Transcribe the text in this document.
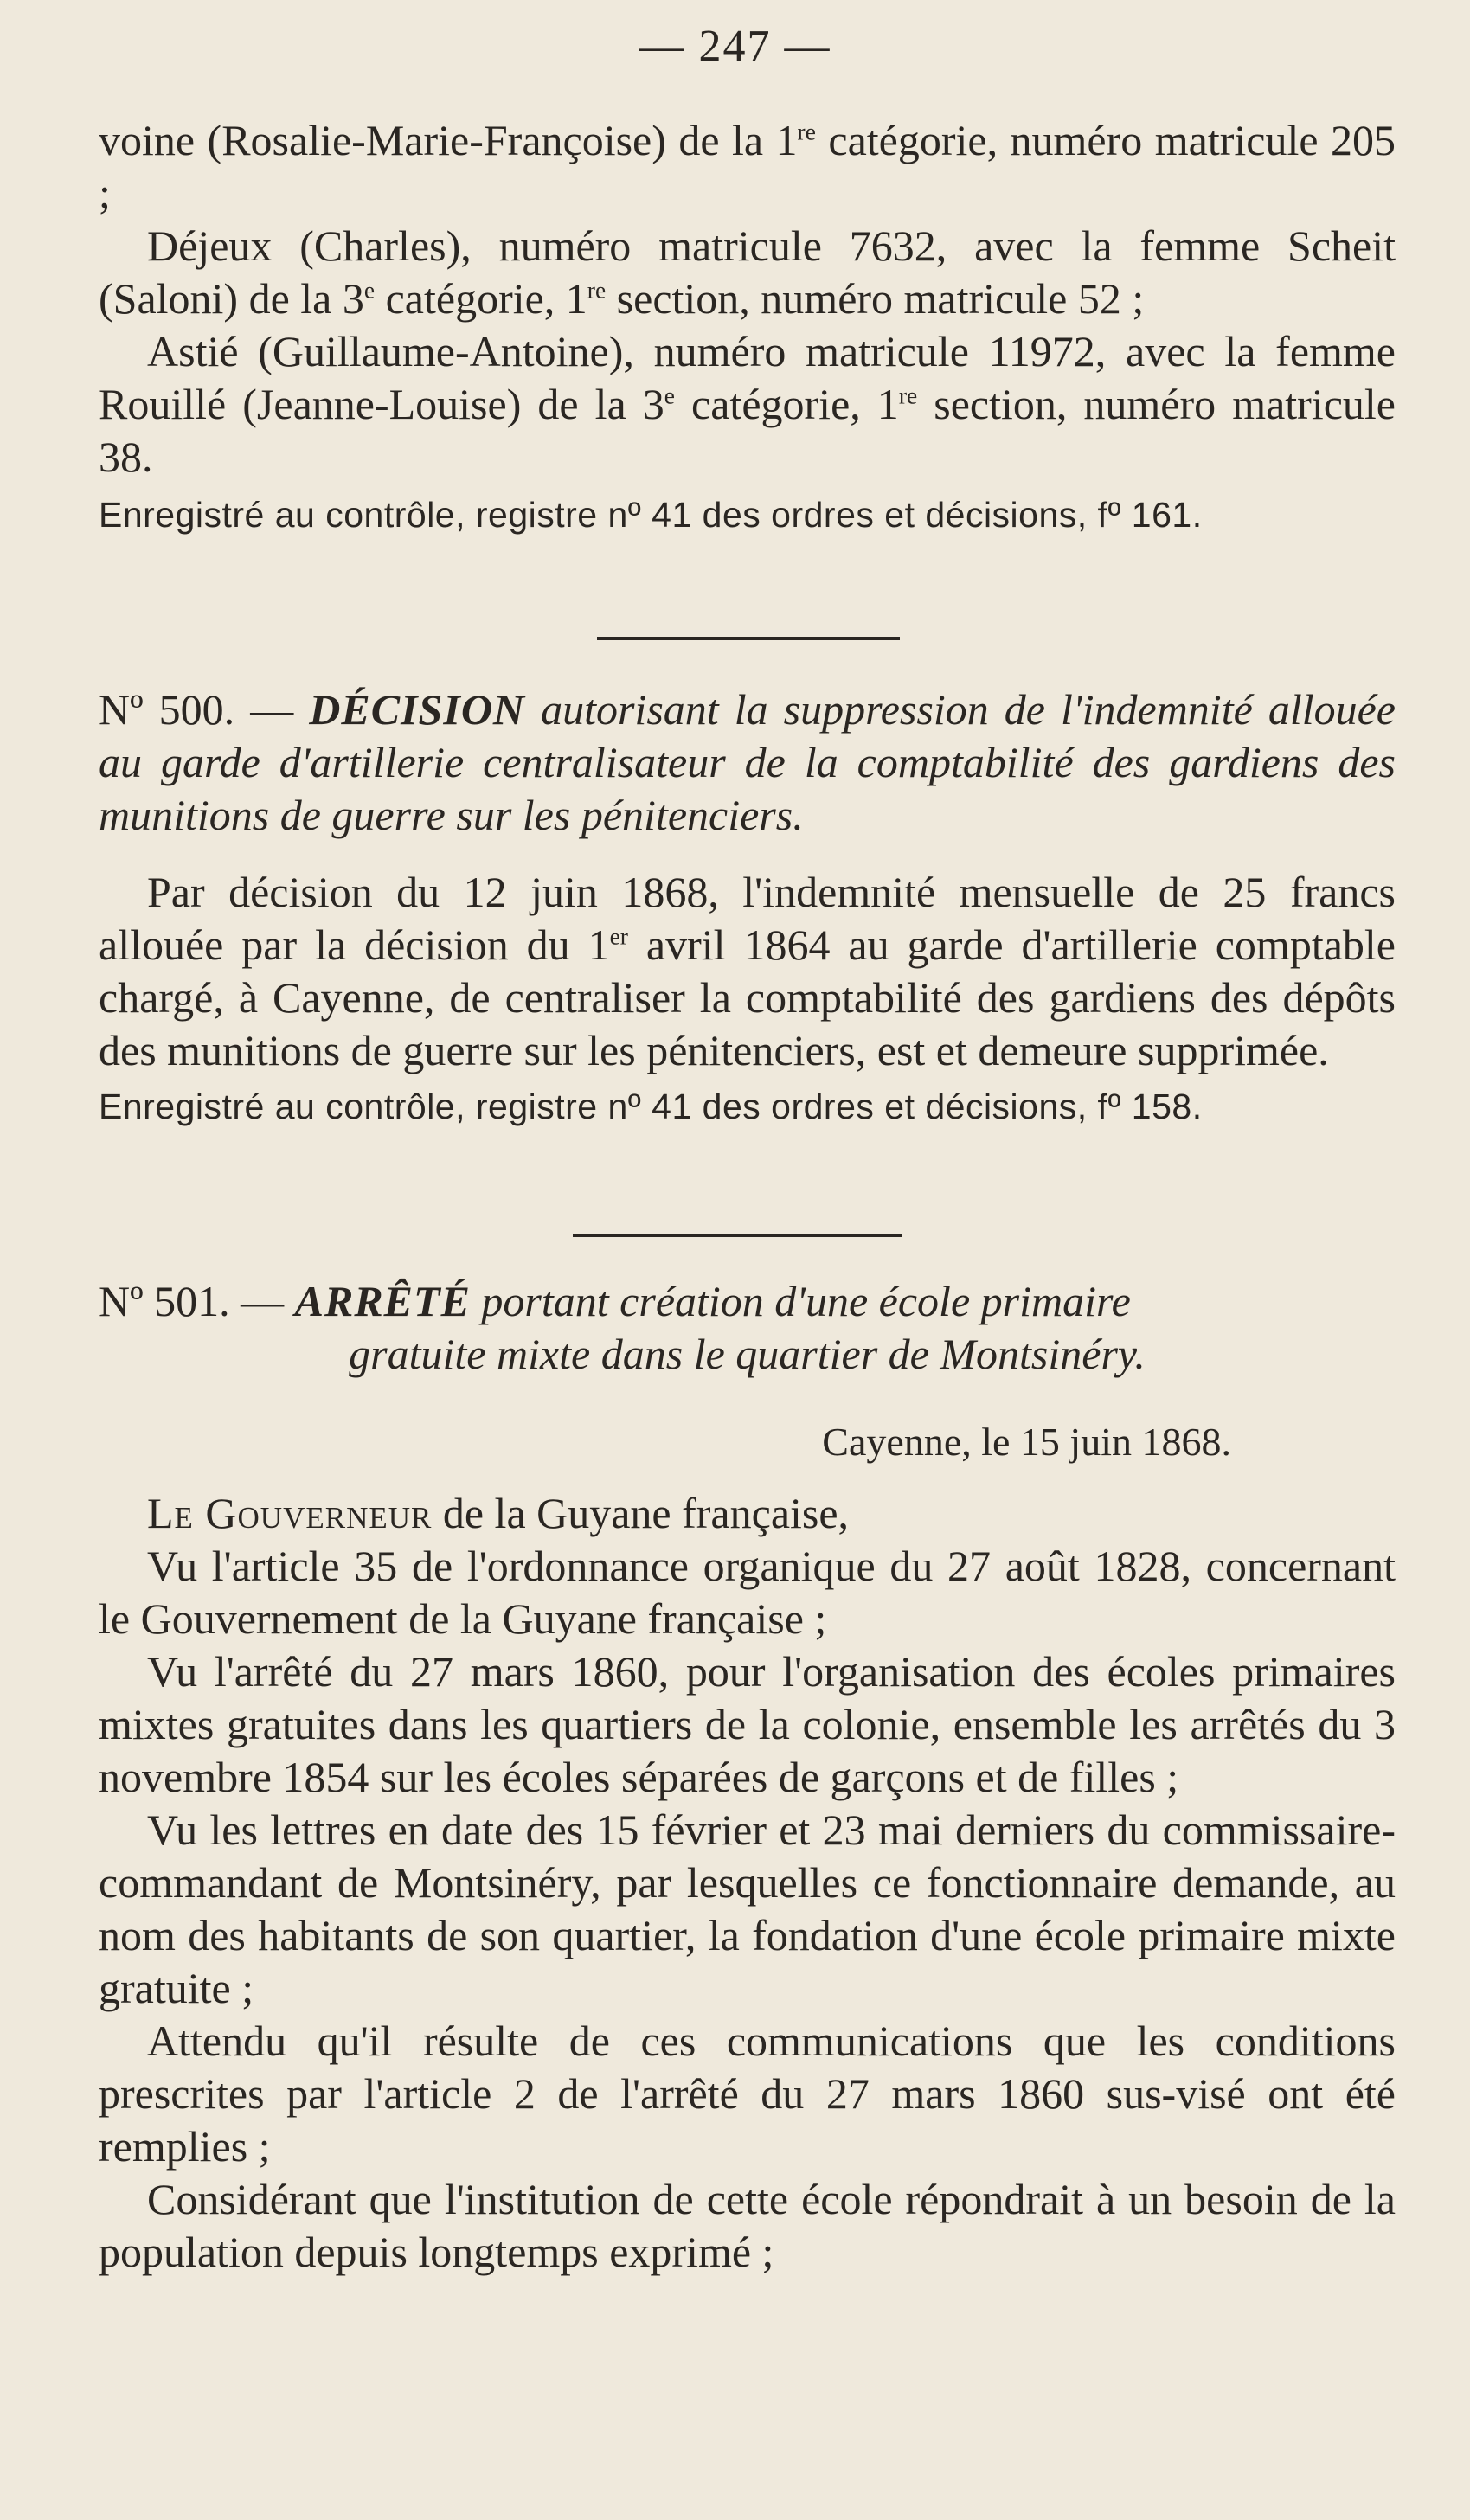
— 247 —

voine (Rosalie-Marie-Françoise) de la 1re catégorie, numéro matricule 205 ;

Déjeux (Charles), numéro matricule 7632, avec la femme Scheit (Saloni) de la 3e catégorie, 1re section, numéro matricule 52 ;

Astié (Guillaume-Antoine), numéro matricule 11972, avec la femme Rouillé (Jeanne-Louise) de la 3e catégorie, 1re section, numéro matricule 38.

Enregistré au contrôle, registre nº 41 des ordres et décisions, fº 161.

Nº 500. — DÉCISION autorisant la suppression de l'indemnité allouée au garde d'artillerie centralisateur de la comptabilité des gardiens des munitions de guerre sur les pénitenciers.

Par décision du 12 juin 1868, l'indemnité mensuelle de 25 francs allouée par la décision du 1er avril 1864 au garde d'artillerie comptable chargé, à Cayenne, de centraliser la comptabilité des gardiens des dépôts des munitions de guerre sur les pénitenciers, est et demeure supprimée.

Enregistré au contrôle, registre nº 41 des ordres et décisions, fº 158.

Nº 501. — ARRÊTÉ portant création d'une école primaire

gratuite mixte dans le quartier de Montsinéry.

Cayenne, le 15 juin 1868.

Le Gouverneur de la Guyane française,

Vu l'article 35 de l'ordonnance organique du 27 août 1828, concernant le Gouvernement de la Guyane française ;

Vu l'arrêté du 27 mars 1860, pour l'organisation des écoles primaires mixtes gratuites dans les quartiers de la colonie, ensemble les arrêtés du 3 novembre 1854 sur les écoles séparées de garçons et de filles ;

Vu les lettres en date des 15 février et 23 mai derniers du commissaire-commandant de Montsinéry, par lesquelles ce fonctionnaire demande, au nom des habitants de son quartier, la fondation d'une école primaire mixte gratuite ;

Attendu qu'il résulte de ces communications que les conditions prescrites par l'article 2 de l'arrêté du 27 mars 1860 sus-visé ont été remplies ;

Considérant que l'institution de cette école répondrait à un besoin de la population depuis longtemps exprimé ;
